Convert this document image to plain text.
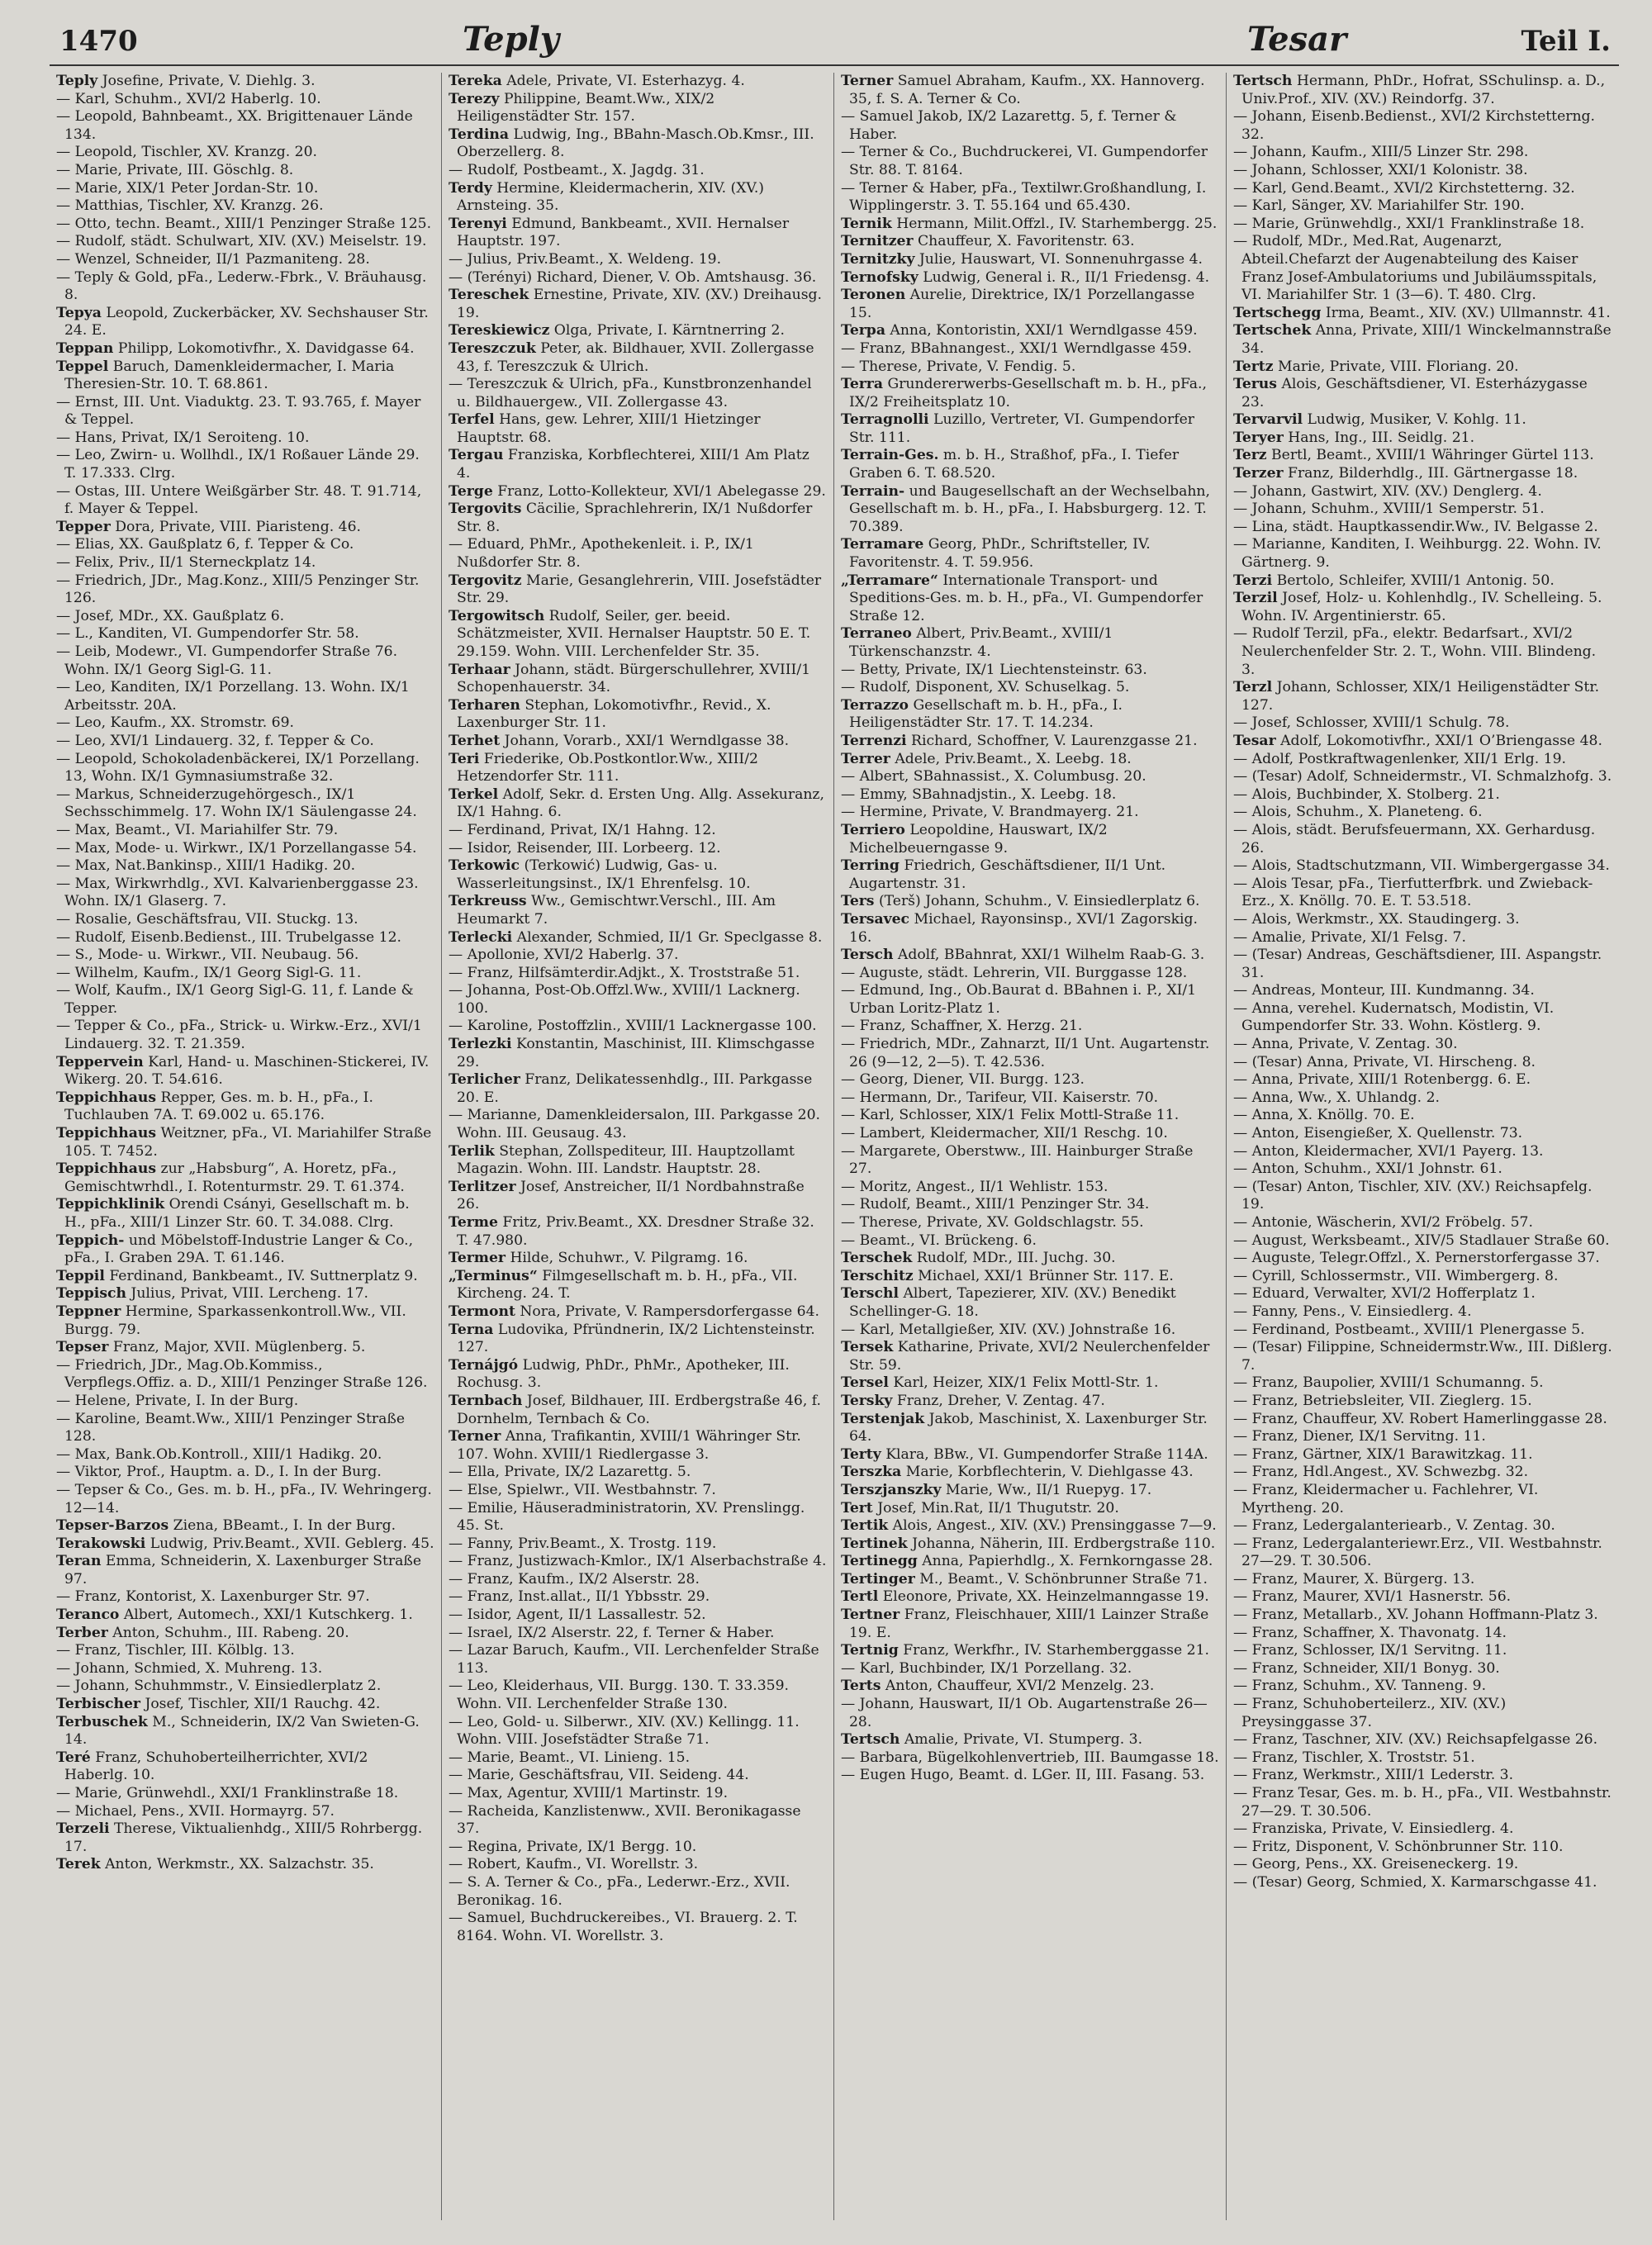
1470	Teply	Tesar	Teil I.

Teply Josefine, Private, V. Diehlg. 3.

— Karl, Schuhm., XVI/2 Haberlg. 10.

— Leopold, Bahnbeamt., XX. Brigittenauer Lände 134.

— Leopold, Tischler, XV. Kranzg. 20.

— Marie, Private, III. Göschlg. 8.

— Marie, XIX/1 Peter Jordan-Str. 10.

— Matthias, Tischler, XV. Kranzg. 26.

— Otto, techn. Beamt., XIII/1 Penzinger Straße 125.

— Rudolf, städt. Schulwart, XIV. (XV.) Meiselstr. 19.

— Wenzel, Schneider, II/1 Pazmaniteng. 28.

— Teply & Gold, pFa., Lederw.-Fbrk., V. Bräuhausg. 8.

Tepya Leopold, Zuckerbäcker, XV. Sechshauser Str. 24. E.

Teppan Philipp, Lokomotivfhr., X. Davidgasse 64.

Teppel Baruch, Damenkleidermacher, I. Maria Theresien-Str. 10. T. 68.861.

— Ernst, III. Unt. Viaduktg. 23. T. 93.765, f. Mayer & Teppel.

— Hans, Privat, IX/1 Seroiteng. 10.

— Leo, Zwirn- u. Wollhdl., IX/1 Roßauer Lände 29. T. 17.333. Clrg.

— Ostas, III. Untere Weißgärber Str. 48. T. 91.714, f. Mayer & Teppel.

Tepper Dora, Private, VIII. Piaristeng. 46.

— Elias, XX. Gaußplatz 6, f. Tepper & Co.

— Felix, Priv., II/1 Sterneckplatz 14.

— Friedrich, JDr., Mag.Konz., XIII/5 Penzinger Str. 126.

— Josef, MDr., XX. Gaußplatz 6.

— L., Kanditen, VI. Gumpendorfer Str. 58.

— Leib, Modewr., VI. Gumpendorfer Straße 76. Wohn. IX/1 Georg Sigl-G. 11.

— Leo, Kanditen, IX/1 Porzellang. 13. Wohn. IX/1 Arbeitsstr. 20A.

— Leo, Kaufm., XX. Stromstr. 69.

— Leo, XVI/1 Lindauerg. 32, f. Tepper & Co.

— Leopold, Schokoladenbäckerei, IX/1 Porzellang. 13, Wohn. IX/1 Gymnasiumstraße 32.

— Markus, Schneiderzugehörgesch., IX/1 Sechsschimmelg. 17. Wohn IX/1 Säulengasse 24.

— Max, Beamt., VI. Mariahilfer Str. 79.

— Max, Mode- u. Wirkwr., IX/1 Porzellangasse 54.

— Max, Nat.Bankinsp., XIII/1 Hadikg. 20.

— Max, Wirkwrhdlg., XVI. Kalvarienberggasse 23. Wohn. IX/1 Glaserg. 7.

— Rosalie, Geschäftsfrau, VII. Stuckg. 13.

— Rudolf, Eisenb.Bedienst., III. Trubelgasse 12.

— S., Mode- u. Wirkwr., VII. Neubaug. 56.

— Wilhelm, Kaufm., IX/1 Georg Sigl-G. 11.

— Wolf, Kaufm., IX/1 Georg Sigl-G. 11, f. Lande & Tepper.

— Tepper & Co., pFa., Strick- u. Wirkw.-Erz., XVI/1 Lindauerg. 32. T. 21.359.

Teppervein Karl, Hand- u. Maschinen-Stickerei, IV. Wikerg. 20. T. 54.616.

Teppichhaus Repper, Ges. m. b. H., pFa., I. Tuchlauben 7A. T. 69.002 u. 65.176.

Teppichhaus Weitzner, pFa., VI. Mariahilfer Straße 105. T. 7452.

Teppichhaus zur „Habsburg“, A. Horetz, pFa., Gemischtwrhdl., I. Rotenturmstr. 29. T. 61.374.

Teppichklinik Orendi Csányi, Gesellschaft m. b. H., pFa., XIII/1 Linzer Str. 60. T. 34.088. Clrg.

Teppich- und Möbelstoff-Industrie Langer & Co., pFa., I. Graben 29A. T. 61.146.

Teppil Ferdinand, Bankbeamt., IV. Suttnerplatz 9.

Teppisch Julius, Privat, VIII. Lercheng. 17.

Teppner Hermine, Sparkassenkontroll.Ww., VII. Burgg. 79.

Tepser Franz, Major, XVII. Müglenberg. 5.

— Friedrich, JDr., Mag.Ob.Kommiss., Verpflegs.Offiz. a. D., XIII/1 Penzinger Straße 126.

— Helene, Private, I. In der Burg.

— Karoline, Beamt.Ww., XIII/1 Penzinger Straße 128.

— Max, Bank.Ob.Kontroll., XIII/1 Hadikg. 20.

— Viktor, Prof., Hauptm. a. D., I. In der Burg.

— Tepser & Co., Ges. m. b. H., pFa., IV. Wehringerg. 12—14.

Tepser-Barzos Ziena, BBeamt., I. In der Burg.

Terakowski Ludwig, Priv.Beamt., XVII. Geblerg. 45.

Teran Emma, Schneiderin, X. Laxenburger Straße 97.

— Franz, Kontorist, X. Laxenburger Str. 97.

Teranco Albert, Automech., XXI/1 Kutschkerg. 1.

Terber Anton, Schuhm., III. Rabeng. 20.

— Franz, Tischler, III. Kölblg. 13.

— Johann, Schmied, X. Muhreng. 13.

— Johann, Schuhmmstr., V. Einsiedlerplatz 2.

Terbischer Josef, Tischler, XII/1 Rauchg. 42.

Terbuschek M., Schneiderin, IX/2 Van Swieten-G. 14.

Teré Franz, Schuhoberteilherrichter, XVI/2 Haberlg. 10.

— Marie, Grünwehdl., XXI/1 Franklinstraße 18.

— Michael, Pens., XVII. Hormayrg. 57.

Terzeli Therese, Viktualienhdg., XIII/5 Rohrbergg. 17.

Terek Anton, Werkmstr., XX. Salzachstr. 35.

Tereka Adele, Private, VI. Esterhazyg. 4.

Terezy Philippine, Beamt.Ww., XIX/2 Heiligenstädter Str. 157.

Terdina Ludwig, Ing., BBahn-Masch.Ob.Kmsr., III. Oberzellerg. 8.

— Rudolf, Postbeamt., X. Jagdg. 31.

Terdy Hermine, Kleidermacherin, XIV. (XV.) Arnsteing. 35.

Terenyi Edmund, Bankbeamt., XVII. Hernalser Hauptstr. 197.

— Julius, Priv.Beamt., X. Weldeng. 19.

— (Terényi) Richard, Diener, V. Ob. Amtshausg. 36.

Tereschek Ernestine, Private, XIV. (XV.) Dreihausg. 19.

Tereskiewicz Olga, Private, I. Kärntnerring 2.

Tereszczuk Peter, ak. Bildhauer, XVII. Zollergasse 43, f. Tereszczuk & Ulrich.

— Tereszczuk & Ulrich, pFa., Kunstbronzenhandel u. Bildhauergew., VII. Zollergasse 43.

Terfel Hans, gew. Lehrer, XIII/1 Hietzinger Hauptstr. 68.

Tergau Franziska, Korbflechterei, XIII/1 Am Platz 4.

Terge Franz, Lotto-Kollekteur, XVI/1 Abelegasse 29.

Tergovits Cäcilie, Sprachlehrerin, IX/1 Nußdorfer Str. 8.

— Eduard, PhMr., Apothekenleit. i. P., IX/1 Nußdorfer Str. 8.

Tergovitz Marie, Gesanglehrerin, VIII. Josefstädter Str. 29.

Tergowitsch Rudolf, Seiler, ger. beeid. Schätzmeister, XVII. Hernalser Hauptstr. 50 E. T. 29.159. Wohn. VIII. Lerchenfelder Str. 35.

Terhaar Johann, städt. Bürgerschullehrer, XVIII/1 Schopenhauerstr. 34.

Terharen Stephan, Lokomotivfhr., Revid., X. Laxenburger Str. 11.

Terhet Johann, Vorarb., XXI/1 Werndlgasse 38.

Teri Friederike, Ob.Postkontlor.Ww., XIII/2 Hetzendorfer Str. 111.

Terkel Adolf, Sekr. d. Ersten Ung. Allg. Assekuranz, IX/1 Hahng. 6.

— Ferdinand, Privat, IX/1 Hahng. 12.

— Isidor, Reisender, III. Lorbeerg. 12.

Terkowic (Terkowić) Ludwig, Gas- u. Wasserleitungsinst., IX/1 Ehrenfelsg. 10.

Terkreuss Ww., Gemischtwr.Verschl., III. Am Heumarkt 7.

Terlecki Alexander, Schmied, II/1 Gr. Speclgasse 8.

— Apollonie, XVI/2 Haberlg. 37.

— Franz, Hilfsämterdir.Adjkt., X. Troststraße 51.

— Johanna, Post-Ob.Offzl.Ww., XVIII/1 Lacknerg. 100.

— Karoline, Postoffzlin., XVIII/1 Lacknergasse 100.

Terlezki Konstantin, Maschinist, III. Klimschgasse 29.

Terlicher Franz, Delikatessenhdlg., III. Parkgasse 20. E.

— Marianne, Damenkleidersalon, III. Parkgasse 20. Wohn. III. Geusaug. 43.

Terlik Stephan, Zollspediteur, III. Hauptzollamt Magazin. Wohn. III. Landstr. Hauptstr. 28.

Terlitzer Josef, Anstreicher, II/1 Nordbahnstraße 26.

Terme Fritz, Priv.Beamt., XX. Dresdner Straße 32. T. 47.980.

Termer Hilde, Schuhwr., V. Pilgramg. 16.

„Terminus“ Filmgesellschaft m. b. H., pFa., VII. Kircheng. 24. T.

Termont Nora, Private, V. Rampersdorfergasse 64.

Terna Ludovika, Pfründnerin, IX/2 Lichtensteinstr. 127.

Ternájgó Ludwig, PhDr., PhMr., Apotheker, III. Rochusg. 3.

Ternbach Josef, Bildhauer, III. Erdbergstraße 46, f. Dornhelm, Ternbach & Co.

Terner Anna, Trafikantin, XVIII/1 Währinger Str. 107. Wohn. XVIII/1 Riedlergasse 3.

— Ella, Private, IX/2 Lazarettg. 5.

— Else, Spielwr., VII. Westbahnstr. 7.

— Emilie, Häuseradministratorin, XV. Prenslingg. 45. St.

— Fanny, Priv.Beamt., X. Trostg. 119.

— Franz, Justizwach-Kmlor., IX/1 Alserbachstraße 4.

— Franz, Kaufm., IX/2 Alserstr. 28.

— Franz, Inst.allat., II/1 Ybbsstr. 29.

— Isidor, Agent, II/1 Lassallestr. 52.

— Israel, IX/2 Alserstr. 22, f. Terner & Haber.

— Lazar Baruch, Kaufm., VII. Lerchenfelder Straße 113.

— Leo, Kleiderhaus, VII. Burgg. 130. T. 33.359. Wohn. VII. Lerchenfelder Straße 130.

— Leo, Gold- u. Silberwr., XIV. (XV.) Kellingg. 11. Wohn. VIII. Josefstädter Straße 71.

— Marie, Beamt., VI. Linieng. 15.

— Marie, Geschäftsfrau, VII. Seideng. 44.

— Max, Agentur, XVIII/1 Martinstr. 19.

— Racheida, Kanzlistenww., XVII. Beronikagasse 37.

— Regina, Private, IX/1 Bergg. 10.

— Robert, Kaufm., VI. Worellstr. 3.

— S. A. Terner & Co., pFa., Lederwr.-Erz., XVII. Beronikag. 16.

— Samuel, Buchdruckereibes., VI. Brauerg. 2. T. 8164. Wohn. VI. Worellstr. 3.

Terner Samuel Abraham, Kaufm., XX. Hannoverg. 35, f. S. A. Terner & Co.

— Samuel Jakob, IX/2 Lazarettg. 5, f. Terner & Haber.

— Terner & Co., Buchdruckerei, VI. Gumpendorfer Str. 88. T. 8164.

— Terner & Haber, pFa., Textilwr.Großhandlung, I. Wipplingerstr. 3. T. 55.164 und 65.430.

Ternik Hermann, Milit.Offzl., IV. Starhembergg. 25.

Ternitzer Chauffeur, X. Favoritenstr. 63.

Ternitzky Julie, Hauswart, VI. Sonnenuhrgasse 4.

Ternofsky Ludwig, General i. R., II/1 Friedensg. 4.

Teronen Aurelie, Direktrice, IX/1 Porzellangasse 15.

Terpa Anna, Kontoristin, XXI/1 Werndlgasse 459.

— Franz, BBahnangest., XXI/1 Werndlgasse 459.

— Therese, Private, V. Fendig. 5.

Terra Grundererwerbs-Gesellschaft m. b. H., pFa., IX/2 Freiheitsplatz 10.

Terragnolli Luzillo, Vertreter, VI. Gumpendorfer Str. 111.

Terrain-Ges. m. b. H., Straßhof, pFa., I. Tiefer Graben 6. T. 68.520.

Terrain- und Baugesellschaft an der Wechselbahn, Gesellschaft m. b. H., pFa., I. Habsburgerg. 12. T. 70.389.

Terramare Georg, PhDr., Schriftsteller, IV. Favoritenstr. 4. T. 59.956.

„Terramare“ Internationale Transport- und Speditions-Ges. m. b. H., pFa., VI. Gumpendorfer Straße 12.

Terraneo Albert, Priv.Beamt., XVIII/1 Türkenschanzstr. 4.

— Betty, Private, IX/1 Liechtensteinstr. 63.

— Rudolf, Disponent, XV. Schuselkag. 5.

Terrazzo Gesellschaft m. b. H., pFa., I. Heiligenstädter Str. 17. T. 14.234.

Terrenzi Richard, Schoffner, V. Laurenzgasse 21.

Terrer Adele, Priv.Beamt., X. Leebg. 18.

— Albert, SBahnassist., X. Columbusg. 20.

— Emmy, SBahnadjstin., X. Leebg. 18.

— Hermine, Private, V. Brandmayerg. 21.

Terriero Leopoldine, Hauswart, IX/2 Michelbeuerngasse 9.

Terring Friedrich, Geschäftsdiener, II/1 Unt. Augartenstr. 31.

Ters (Terš) Johann, Schuhm., V. Einsiedlerplatz 6.

Tersavec Michael, Rayonsinsp., XVI/1 Zagorskig. 16.

Tersch Adolf, BBahnrat, XXI/1 Wilhelm Raab-G. 3.

— Auguste, städt. Lehrerin, VII. Burggasse 128.

— Edmund, Ing., Ob.Baurat d. BBahnen i. P., XI/1 Urban Loritz-Platz 1.

— Franz, Schaffner, X. Herzg. 21.

— Friedrich, MDr., Zahnarzt, II/1 Unt. Augartenstr. 26 (9—12, 2—5). T. 42.536.

— Georg, Diener, VII. Burgg. 123.

— Hermann, Dr., Tarifeur, VII. Kaiserstr. 70.

— Karl, Schlosser, XIX/1 Felix Mottl-Straße 11.

— Lambert, Kleidermacher, XII/1 Reschg. 10.

— Margarete, Oberstww., III. Hainburger Straße 27.

— Moritz, Angest., II/1 Wehlistr. 153.

— Rudolf, Beamt., XIII/1 Penzinger Str. 34.

— Therese, Private, XV. Goldschlagstr. 55.

— Beamt., VI. Brückeng. 6.

Terschek Rudolf, MDr., III. Juchg. 30.

Terschitz Michael, XXI/1 Brünner Str. 117. E.

Terschl Albert, Tapezierer, XIV. (XV.) Benedikt Schellinger-G. 18.

— Karl, Metallgießer, XIV. (XV.) Johnstraße 16.

Tersek Katharine, Private, XVI/2 Neulerchenfelder Str. 59.

Tersel Karl, Heizer, XIX/1 Felix Mottl-Str. 1.

Tersky Franz, Dreher, V. Zentag. 47.

Terstenjak Jakob, Maschinist, X. Laxenburger Str. 64.

Terty Klara, BBw., VI. Gumpendorfer Straße 114A.

Terszka Marie, Korbflechterin, V. Diehlgasse 43.

Terszjanszky Marie, Ww., II/1 Ruepyg. 17.

Tert Josef, Min.Rat, II/1 Thugutstr. 20.

Tertik Alois, Angest., XIV. (XV.) Prensinggasse 7—9.

Tertinek Johanna, Näherin, III. Erdbergstraße 110.

Tertinegg Anna, Papierhdlg., X. Fernkorngasse 28.

Tertinger M., Beamt., V. Schönbrunner Straße 71.

Tertl Eleonore, Private, XX. Heinzelmanngasse 19.

Tertner Franz, Fleischhauer, XIII/1 Lainzer Straße 19. E.

Tertnig Franz, Werkfhr., IV. Starhemberggasse 21.

— Karl, Buchbinder, IX/1 Porzellang. 32.

Terts Anton, Chauffeur, XVI/2 Menzelg. 23.

— Johann, Hauswart, II/1 Ob. Augartenstraße 26—28.

Tertsch Amalie, Private, VI. Stumperg. 3.

— Barbara, Bügelkohlenvertrieb, III. Baumgasse 18.

— Eugen Hugo, Beamt. d. LGer. II, III. Fasang. 53.

Tertsch Hermann, PhDr., Hofrat, SSchulinsp. a. D., Univ.Prof., XIV. (XV.) Reindorfg. 37.

— Johann, Eisenb.Bedienst., XVI/2 Kirchstetterng. 32.

— Johann, Kaufm., XIII/5 Linzer Str. 298.

— Johann, Schlosser, XXI/1 Kolonistr. 38.

— Karl, Gend.Beamt., XVI/2 Kirchstetterng. 32.

— Karl, Sänger, XV. Mariahilfer Str. 190.

— Marie, Grünwehdlg., XXI/1 Franklinstraße 18.

— Rudolf, MDr., Med.Rat, Augenarzt, Abteil.Chefarzt der Augenabteilung des Kaiser Franz Josef-Ambulatoriums und Jubiläumsspitals, VI. Mariahilfer Str. 1 (3—6). T. 480. Clrg.

Tertschegg Irma, Beamt., XIV. (XV.) Ullmannstr. 41.

Tertschek Anna, Private, XIII/1 Winckelmannstraße 34.

Tertz Marie, Private, VIII. Floriang. 20.

Terus Alois, Geschäftsdiener, VI. Esterházygasse 23.

Tervarvil Ludwig, Musiker, V. Kohlg. 11.

Teryer Hans, Ing., III. Seidlg. 21.

Terz Bertl, Beamt., XVIII/1 Währinger Gürtel 113.

Terzer Franz, Bilderhdlg., III. Gärtnergasse 18.

— Johann, Gastwirt, XIV. (XV.) Denglerg. 4.

— Johann, Schuhm., XVIII/1 Semperstr. 51.

— Lina, städt. Hauptkassendir.Ww., IV. Belgasse 2.

— Marianne, Kanditen, I. Weihburgg. 22. Wohn. IV. Gärtnerg. 9.

Terzi Bertolo, Schleifer, XVIII/1 Antonig. 50.

Terzil Josef, Holz- u. Kohlenhdlg., IV. Schelleing. 5. Wohn. IV. Argentinierstr. 65.

— Rudolf Terzil, pFa., elektr. Bedarfsart., XVI/2 Neulerchenfelder Str. 2. T., Wohn. VIII. Blindeng. 3.

Terzl Johann, Schlosser, XIX/1 Heiligenstädter Str. 127.

— Josef, Schlosser, XVIII/1 Schulg. 78.

Tesar Adolf, Lokomotivfhr., XXI/1 O’Briengasse 48.

— Adolf, Postkraftwagenlenker, XII/1 Erlg. 19.

— (Tesar) Adolf, Schneidermstr., VI. Schmalzhofg. 3.

— Alois, Buchbinder, X. Stolberg. 21.

— Alois, Schuhm., X. Planeteng. 6.

— Alois, städt. Berufsfeuermann, XX. Gerhardusg. 26.

— Alois, Stadtschutzmann, VII. Wimbergergasse 34.

— Alois Tesar, pFa., Tierfutterfbrk. und Zwieback-Erz., X. Knöllg. 70. E. T. 53.518.

— Alois, Werkmstr., XX. Staudingerg. 3.

— Amalie, Private, XI/1 Felsg. 7.

— (Tesar) Andreas, Geschäftsdiener, III. Aspangstr. 31.

— Andreas, Monteur, III. Kundmanng. 34.

— Anna, verehel. Kudernatsch, Modistin, VI. Gumpendorfer Str. 33. Wohn. Köstlerg. 9.

— Anna, Private, V. Zentag. 30.

— (Tesar) Anna, Private, VI. Hirscheng. 8.

— Anna, Private, XIII/1 Rotenbergg. 6. E.

— Anna, Ww., X. Uhlandg. 2.

— Anna, X. Knöllg. 70. E.

— Anton, Eisengießer, X. Quellenstr. 73.

— Anton, Kleidermacher, XVI/1 Payerg. 13.

— Anton, Schuhm., XXI/1 Johnstr. 61.

— (Tesar) Anton, Tischler, XIV. (XV.) Reichsapfelg. 19.

— Antonie, Wäscherin, XVI/2 Fröbelg. 57.

— August, Werksbeamt., XIV/5 Stadlauer Straße 60.

— Auguste, Telegr.Offzl., X. Pernerstorfergasse 37.

— Cyrill, Schlossermstr., VII. Wimbergerg. 8.

— Eduard, Verwalter, XVI/2 Hofferplatz 1.

— Fanny, Pens., V. Einsiedlerg. 4.

— Ferdinand, Postbeamt., XVIII/1 Plenergasse 5.

— (Tesar) Filippine, Schneidermstr.Ww., III. Dißlerg. 7.

— Franz, Baupolier, XVIII/1 Schumanng. 5.

— Franz, Betriebsleiter, VII. Zieglerg. 15.

— Franz, Chauffeur, XV. Robert Hamerlinggasse 28.

— Franz, Diener, IX/1 Servitng. 11.

— Franz, Gärtner, XIX/1 Barawitzkag. 11.

— Franz, Hdl.Angest., XV. Schwezbg. 32.

— Franz, Kleidermacher u. Fachlehrer, VI. Myrtheng. 20.

— Franz, Ledergalanteriearb., V. Zentag. 30.

— Franz, Ledergalanteriewr.Erz., VII. Westbahnstr. 27—29. T. 30.506.

— Franz, Maurer, X. Bürgerg. 13.

— Franz, Maurer, XVI/1 Hasnerstr. 56.

— Franz, Metallarb., XV. Johann Hoffmann-Platz 3.

— Franz, Schaffner, X. Thavonatg. 14.

— Franz, Schlosser, IX/1 Servitng. 11.

— Franz, Schneider, XII/1 Bonyg. 30.

— Franz, Schuhm., XV. Tanneng. 9.

— Franz, Schuhoberteilerz., XIV. (XV.) Preysinggasse 37.

— Franz, Taschner, XIV. (XV.) Reichsapfelgasse 26.

— Franz, Tischler, X. Troststr. 51.

— Franz, Werkmstr., XIII/1 Lederstr. 3.

— Franz Tesar, Ges. m. b. H., pFa., VII. Westbahnstr. 27—29. T. 30.506.

— Franziska, Private, V. Einsiedlerg. 4.

— Fritz, Disponent, V. Schönbrunner Str. 110.

— Georg, Pens., XX. Greiseneckerg. 19.

— (Tesar) Georg, Schmied, X. Karmarschgasse 41.
